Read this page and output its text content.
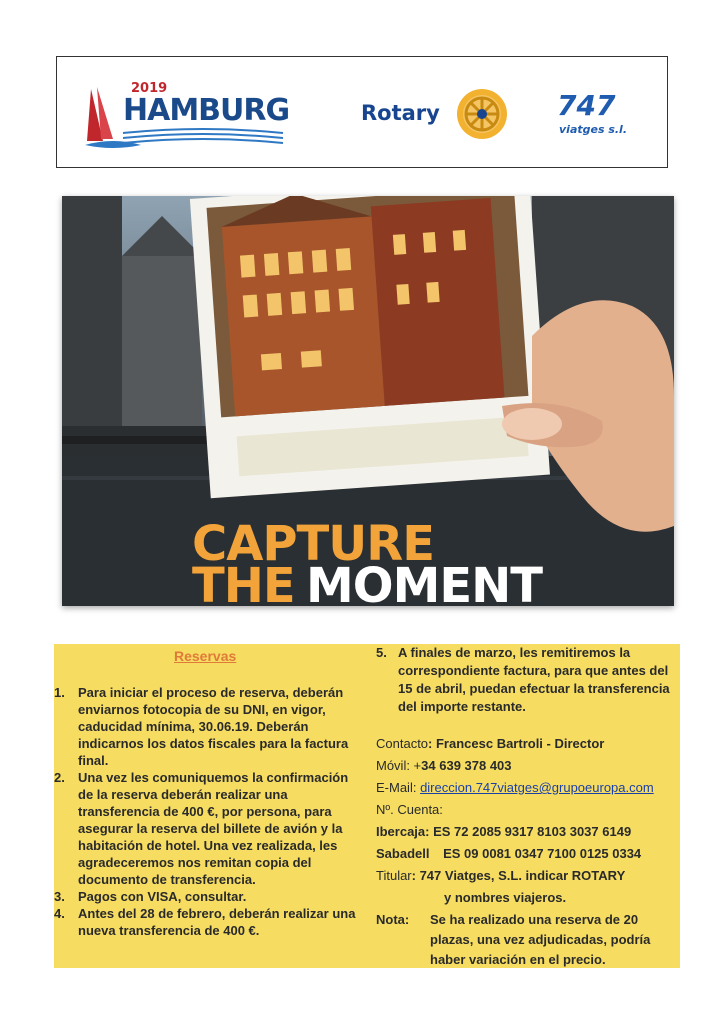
2019
HAMBURG	Rotary	747
viatges s.l.
CAPTURE
THE MOMENT
Reservas
1. Para iniciar el proceso de reserva, deberán enviarnos fotocopia de su DNI, en vigor, caducidad mínima, 30.06.19. Deberán indicarnos los datos fiscales para la factura final.
2. Una vez les comuniquemos la confirmación de la reserva deberán realizar una transferencia de 400 €, por persona, para asegurar la reserva del billete de avión y la habitación de hotel. Una vez realizada, les agradeceremos nos remitan copia del documento de transferencia.
3. Pagos con VISA, consultar.
4. Antes del 28 de febrero, deberán realizar una nueva transferencia de 400 €.
5. A finales de marzo, les remitiremos la correspondiente factura, para que antes del 15 de abril, puedan efectuar la transferencia del importe restante.
Contacto: Francesc Bartroli - Director
Móvil: +34 639 378 403
E-Mail: direccion.747viatges@grupoeuropa.com
Nº. Cuenta:
Ibercaja: ES 72 2085 9317 8103 3037 6149
Sabadell ES 09 0081 0347 7100 0125 0334
Titular: 747 Viatges, S.L. indicar ROTARY
y nombres viajeros.
Nota: Se ha realizado una reserva de 20
plazas, una vez adjudicadas, podría
haber variación en el precio.
